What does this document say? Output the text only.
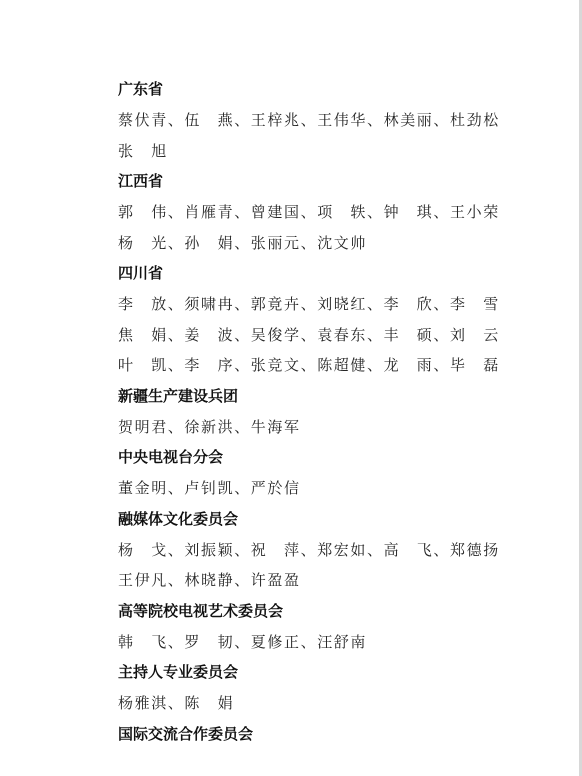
广东省
蔡伏青、伍　燕、王梓兆、王伟华、林美丽、杜劲松
张　旭
江西省
郭　伟、肖雁青、曾建国、项　轶、钟　琪、王小荣
杨　光、孙　娟、张丽元、沈文帅
四川省
李　放、须啸冉、郭竟卉、刘晓红、李　欣、李　雪
焦　娟、姜　波、吴俊学、袁春东、丰　硕、刘　云
叶　凯、李　序、张竞文、陈超健、龙　雨、毕　磊
新疆生产建设兵团
贺明君、徐新洪、牛海军
中央电视台分会
董金明、卢钊凯、严於信
融媒体文化委员会
杨　戈、刘振颖、祝　萍、郑宏如、高　飞、郑德扬
王伊凡、林晓静、许盈盈
高等院校电视艺术委员会
韩　飞、罗　韧、夏修正、汪舒南
主持人专业委员会
杨雅淇、陈　娟
国际交流合作委员会
